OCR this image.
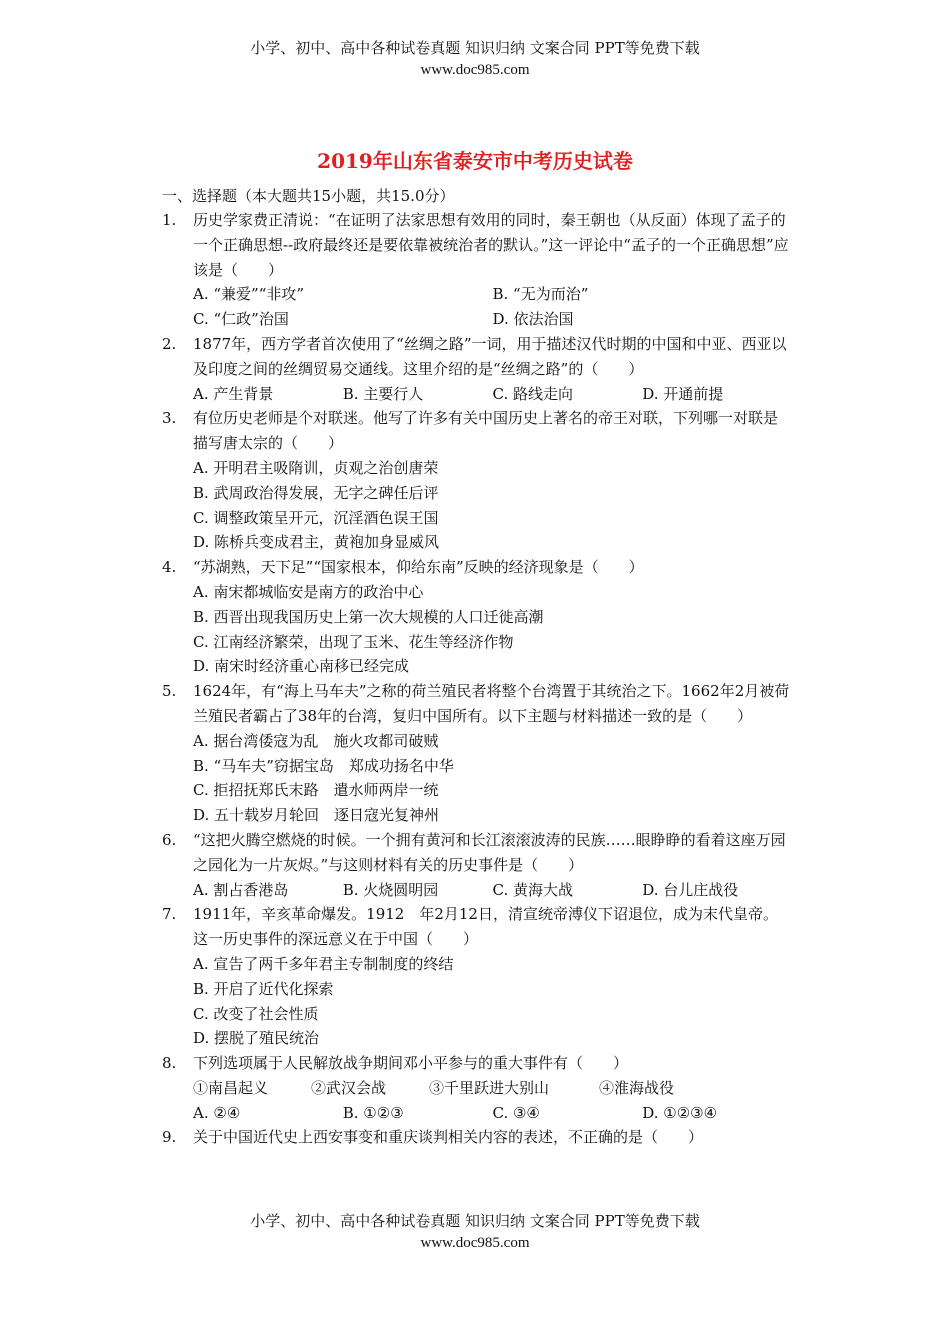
小学、初中、高中各种试卷真题 知识归纳 文案合同 PPT等免费下载
www.doc985.com
2019年山东省泰安市中考历史试卷
一、选择题（本大题共15小题，共15.0分）
1.	历史学家费正清说：“在证明了法家思想有效用的同时，秦王朝也（从反面）体现了孟子的一个正确思想--政府最终还是要依靠被统治者的默认。”这一评论中“孟子的一个正确思想”应该是（　　）
A. “兼爱”“非攻”	B. “无为而治”
C. “仁政”治国	D. 依法治国
2.	1877年，西方学者首次使用了“丝绸之路”一词，用于描述汉代时期的中国和中亚、西亚以及印度之间的丝绸贸易交通线。这里介绍的是“丝绸之路”的（　　）
A. 产生背景	B. 主要行人	C. 路线走向	D. 开通前提
3.	有位历史老师是个对联迷。他写了许多有关中国历史上著名的帝王对联，下列哪一对联是描写唐太宗的（　　）
A. 开明君主吸隋训，贞观之治创唐荣
B. 武周政治得发展，无字之碑任后评
C. 调整政策呈开元，沉淫酒色误王国
D. 陈桥兵变成君主，黄袍加身显威风
4.	“苏湖熟，天下足”“国家根本，仰给东南”反映的经济现象是（　　）
A. 南宋都城临安是南方的政治中心
B. 西晋出现我国历史上第一次大规模的人口迁徙高潮
C. 江南经济繁荣，出现了玉米、花生等经济作物
D. 南宋时经济重心南移已经完成
5.	1624年，有“海上马车夫”之称的荷兰殖民者将整个台湾置于其统治之下。1662年2月被荷兰殖民者霸占了38年的台湾，复归中国所有。以下主题与材料描述一致的是（　　）
A. 据台湾倭寇为乱　施火攻都司破贼
B. “马车夫”窃据宝岛　郑成功扬名中华
C. 拒招抚郑氏末路　遣水师两岸一统
D. 五十载岁月轮回　逐日寇光复神州
6.	“这把火腾空燃烧的时候。一个拥有黄河和长江滚滚波涛的民族……眼睁睁的看着这座万园之园化为一片灰烬。”与这则材料有关的历史事件是（　　）
A. 割占香港岛	B. 火烧圆明园	C. 黄海大战	D. 台儿庄战役
7.	1911年，辛亥革命爆发。1912　年2月12日，清宣统帝溥仪下诏退位，成为末代皇帝。这一历史事件的深远意义在于中国（　　）
A. 宣告了两千多年君主专制制度的终结
B. 开启了近代化探索
C. 改变了社会性质
D. 摆脱了殖民统治
8.	下列选项属于人民解放战争期间邓小平参与的重大事件有（　　）
①南昌起义	②武汉会战	③千里跃进大别山	④淮海战役
A. ②④	B. ①②③	C. ③④	D. ①②③④
9.	关于中国近代史上西安事变和重庆谈判相关内容的表述，不正确的是（　　）
小学、初中、高中各种试卷真题 知识归纳 文案合同 PPT等免费下载
www.doc985.com
